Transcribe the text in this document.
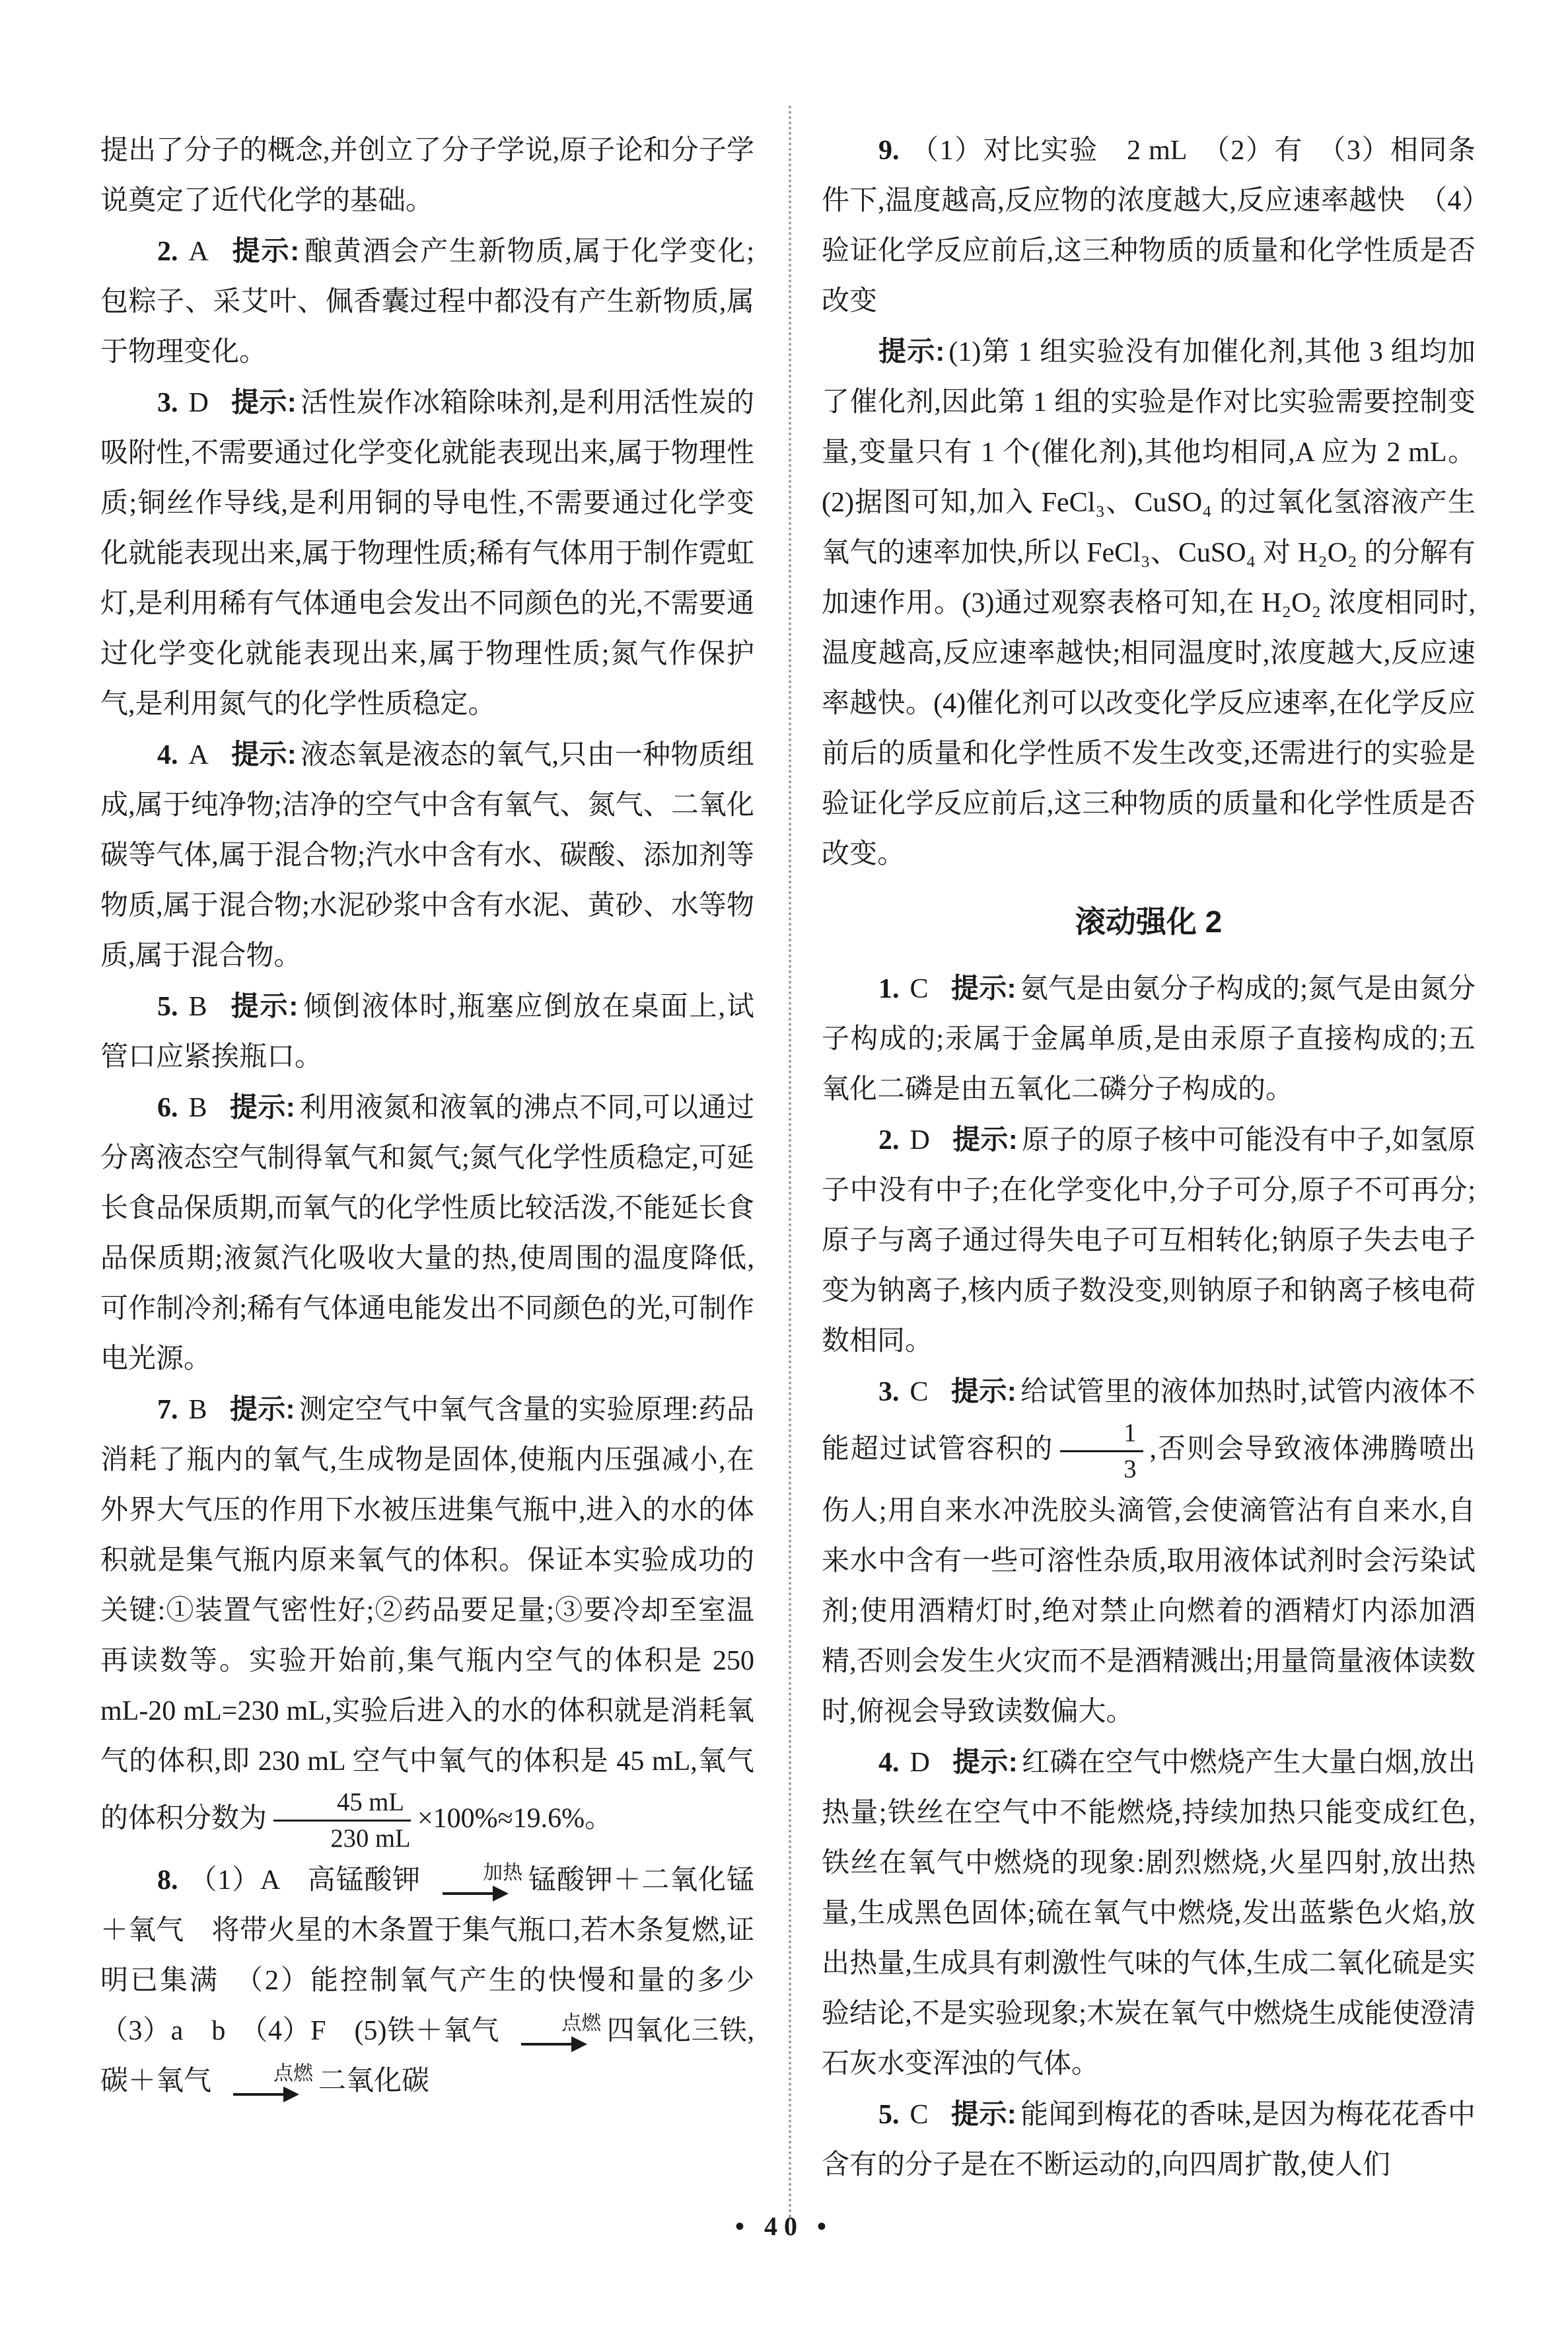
提出了分子的概念,并创立了分子学说,原子论和分子学说奠定了近代化学的基础。

2. A 提示: 酿黄酒会产生新物质,属于化学变化;包粽子、采艾叶、佩香囊过程中都没有产生新物质,属于物理变化。

3. D 提示: 活性炭作冰箱除味剂,是利用活性炭的吸附性,不需要通过化学变化就能表现出来,属于物理性质;铜丝作导线,是利用铜的导电性,不需要通过化学变化就能表现出来,属于物理性质;稀有气体用于制作霓虹灯,是利用稀有气体通电会发出不同颜色的光,不需要通过化学变化就能表现出来,属于物理性质;氮气作保护气,是利用氮气的化学性质稳定。

4. A 提示: 液态氧是液态的氧气,只由一种物质组成,属于纯净物;洁净的空气中含有氧气、氮气、二氧化碳等气体,属于混合物;汽水中含有水、碳酸、添加剂等物质,属于混合物;水泥砂浆中含有水泥、黄砂、水等物质,属于混合物。

5. B 提示: 倾倒液体时,瓶塞应倒放在桌面上,试管口应紧挨瓶口。

6. B 提示: 利用液氮和液氧的沸点不同,可以通过分离液态空气制得氧气和氮气;氮气化学性质稳定,可延长食品保质期,而氧气的化学性质比较活泼,不能延长食品保质期;液氮汽化吸收大量的热,使周围的温度降低,可作制冷剂;稀有气体通电能发出不同颜色的光,可制作电光源。

7. B 提示: 测定空气中氧气含量的实验原理:药品消耗了瓶内的氧气,生成物是固体,使瓶内压强减小,在外界大气压的作用下水被压进集气瓶中,进入的水的体积就是集气瓶内原来氧气的体积。保证本实验成功的关键:①装置气密性好;②药品要足量;③要冷却至室温再读数等。实验开始前,集气瓶内空气的体积是 250 mL-20 mL=230 mL,实验后进入的水的体积就是消耗氧气的体积,即 230 mL 空气中氧气的体积是 45 mL,氧气的体积分数为 $\frac{45 mL}{230 mL} \times 100\%\approx 19.6\%$。

8. （1）A　高锰酸钾	加热 锰酸钾＋二氧化锰＋氧气　将带火星的木条置于集气瓶口,若木条复燃,证明已集满　（2）能控制氧气产生的快慢和量的多少　（3）a　b　（4）F　(5)铁＋氧气	点燃 四氧化三铁,碳＋氧气	点燃 二氧化碳

9. （1）对比实验　2 mL　（2）有　（3）相同条件下,温度越高,反应物的浓度越大,反应速率越快　（4）验证化学反应前后,这三种物质的质量和化学性质是否改变

提示: (1)第 1 组实验没有加催化剂,其他 3 组均加了催化剂,因此第 1 组的实验是作对比实验需要控制变量,变量只有 1 个(催化剂),其他均相同,A 应为 2 mL。(2)据图可知,加入 FeCl₃、CuSO₄ 的过氧化氢溶液产生氧气的速率加快,所以 FeCl₃、CuSO₄ 对 H₂O₂ 的分解有加速作用。(3)通过观察表格可知,在 H₂O₂ 浓度相同时,温度越高,反应速率越快;相同温度时,浓度越大,反应速率越快。(4)催化剂可以改变化学反应速率,在化学反应前后的质量和化学性质不发生改变,还需进行的实验是验证化学反应前后,这三种物质的质量和化学性质是否改变。

滚动强化 2

1. C 提示: 氨气是由氨分子构成的;氮气是由氮分子构成的;汞属于金属单质,是由汞原子直接构成的;五氧化二磷是由五氧化二磷分子构成的。

2. D 提示: 原子的原子核中可能没有中子,如氢原子中没有中子;在化学变化中,分子可分,原子不可再分;原子与离子通过得失电子可互相转化;钠原子失去电子变为钠离子,核内质子数没变,则钠原子和钠离子核电荷数相同。

3. C 提示: 给试管里的液体加热时,试管内液体不能超过试管容积的 $\frac{1}{3}$ ,否则会导致液体沸腾喷出伤人;用自来水冲洗胶头滴管,会使滴管沾有自来水,自来水中含有一些可溶性杂质,取用液体试剂时会污染试剂;使用酒精灯时,绝对禁止向燃着的酒精灯内添加酒精,否则会发生火灾而不是酒精溅出;用量筒量液体读数时,俯视会导致读数偏大。

4. D 提示: 红磷在空气中燃烧产生大量白烟,放出热量;铁丝在空气中不能燃烧,持续加热只能变成红色,铁丝在氧气中燃烧的现象:剧烈燃烧,火星四射,放出热量,生成黑色固体;硫在氧气中燃烧,发出蓝紫色火焰,放出热量,生成具有刺激性气味的气体,生成二氧化硫是实验结论,不是实验现象;木炭在氧气中燃烧生成能使澄清石灰水变浑浊的气体。

5. C 提示: 能闻到梅花的香味,是因为梅花花香中含有的分子是在不断运动的,向四周扩散,使人们

• 40 •
